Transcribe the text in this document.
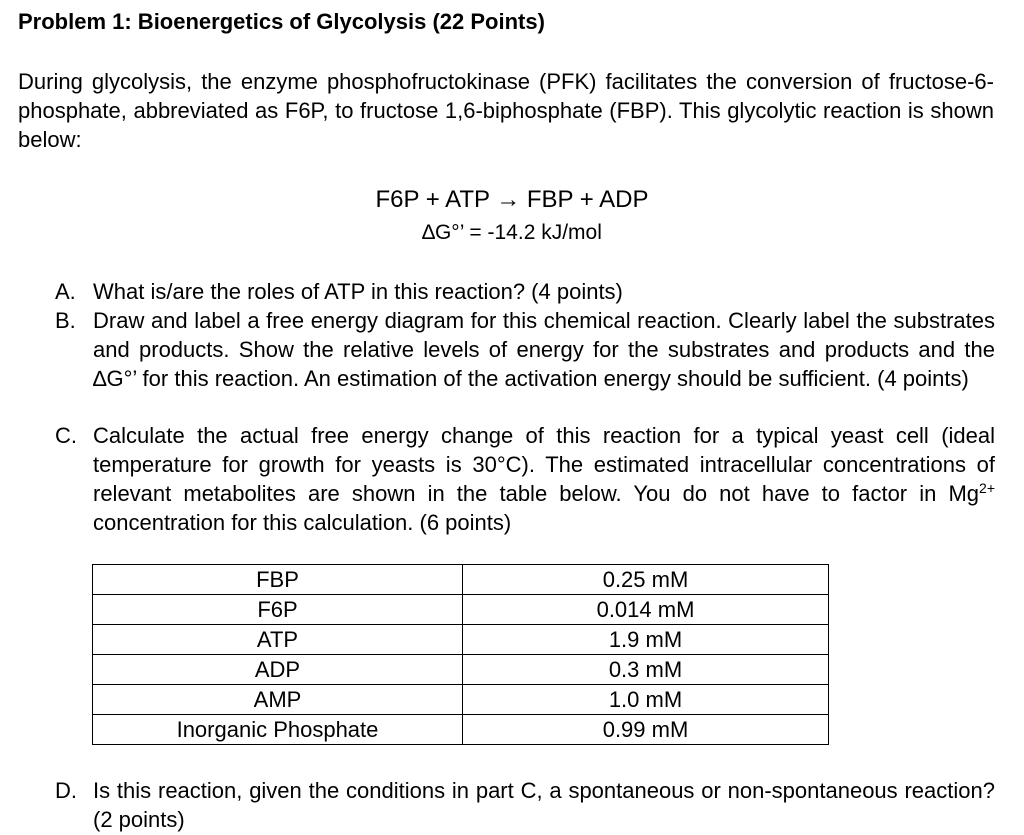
Problem 1: Bioenergetics of Glycolysis (22 Points)
During glycolysis, the enzyme phosphofructokinase (PFK) facilitates the conversion of fructose-6-phosphate, abbreviated as F6P, to fructose 1,6-biphosphate (FBP). This glycolytic reaction is shown below:
F6P + ATP → FBP + ADP
∆G°’ = -14.2 kJ/mol
A. What is/are the roles of ATP in this reaction? (4 points)
B. Draw and label a free energy diagram for this chemical reaction. Clearly label the substrates and products. Show the relative levels of energy for the substrates and products and the ∆G°’ for this reaction. An estimation of the activation energy should be sufficient. (4 points)
C. Calculate the actual free energy change of this reaction for a typical yeast cell (ideal temperature for growth for yeasts is 30°C). The estimated intracellular concentrations of relevant metabolites are shown in the table below. You do not have to factor in $Mg^{2+}$ concentration for this calculation. (6 points)
FBP	0.25 mM
F6P	0.014 mM
ATP	1.9 mM
ADP	0.3 mM
AMP	1.0 mM
Inorganic Phosphate	0.99 mM
D. Is this reaction, given the conditions in part C, a spontaneous or non-spontaneous reaction? (2 points)
